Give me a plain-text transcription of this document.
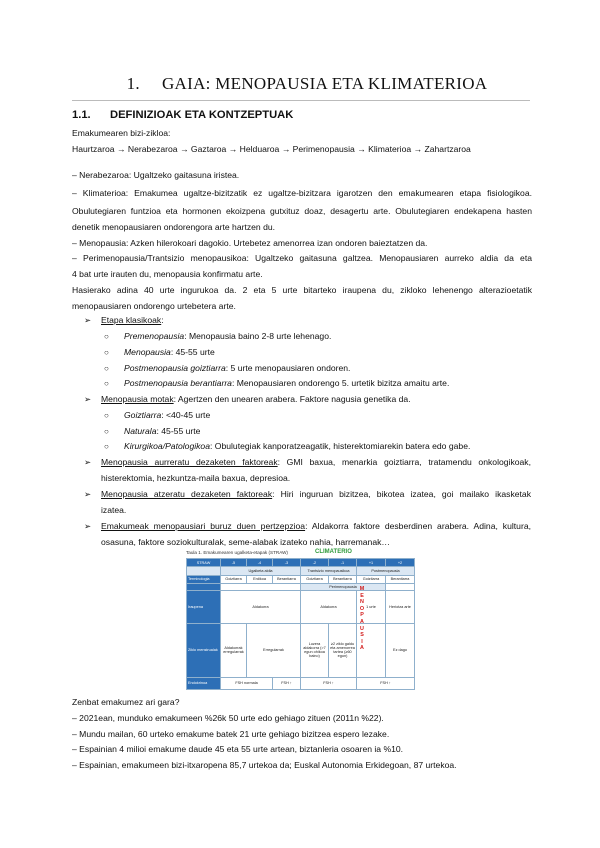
1. GAIA: MENOPAUSIA ETA KLIMATERIOA
1.1. DEFINIZIOAK ETA KONTZEPTUAK
Emakumearen bizi-zikloa:
Haurtzaroa → Nerabezaroa → Gaztaroa → Helduaroa → Perimenopausia → Klimaterioa → Zahartzaroa
– Nerabezaroa: Ugaltzeko gaitasuna iristea.
– Klimaterioa: Emakumea ugaltze-bizitzatik ez ugaltze-bizitzara igarotzen den emakumearen etapa fisiologikoa.
Obulutegiaren funtzioa eta hormonen ekoizpena gutxituz doaz, desagertu arte. Obulutegiaren endekapena hasten
denetik menopausiaren ondorengora arte hartzen du.
– Menopausia: Azken hilerokoari dagokio. Urtebetez amenorrea izan ondoren baieztatzen da.
– Perimenopausia/Trantsizio menopausikoa: Ugaltzeko gaitasuna galtzea. Menopausiaren aurreko aldia da eta
4 bat urte irauten du, menopausia konfirmatu arte.
Hasierako adina 40 urte ingurukoa da. 2 eta 5 urte bitarteko iraupena du, zikloko lehenengo alterazioetatik
menopausiaren ondorengo urtebetera arte.
➢ Etapa klasikoak:
○ Premenopausia: Menopausia baino 2-8 urte lehenago.
○ Menopausia: 45-55 urte
○ Postmenopausia goiztiarra: 5 urte menopausiaren ondoren.
○ Postmenopausia berantiarra: Menopausiaren ondorengo 5. urtetik bizitza amaitu arte.
➢ Menopausia motak: Agertzen den unearen arabera. Faktore nagusia genetika da.
○ Goiztiarra: <40-45 urte
○ Naturala: 45-55 urte
○ Kirurgikoa/Patologikoa: Obulutegiak kanporatzeagatik, histerektomiarekin batera edo gabe.
➢ Menopausia aurreratu dezaketen faktoreak: GMI baxua, menarkia goiztiarra, tratamendu onkologikoak,
histerektomia, hezkuntza-maila baxua, depresioa.
➢ Menopausia atzeratu dezaketen faktoreak: Hiri inguruan bizitzea, bikotea izatea, goi mailako ikasketak
izatea.
➢ Emakumeak menopausiari buruz duen pertzepzioa: Aldakorra faktore desberdinen arabera. Adina, kultura,
osasuna, faktore soziokulturalak, seme-alabak izateko nahia, harremanak…
Taula 1. Emakumearen ugalketa-etapak (STRAW)	CLIMATERIO
STRAW	-5	-4	-3	-2	-1	+1	+2
	Ugalketa aldia			Trantsizio menopausikoa		Postmenopausia	
Terminologia	Goiztiarra	Erdikoa	Berantiarra	Goiztiarra	Berantiarra	Goiztiarra	Berantiarra
				Perimenopausia			
Iraupena	Aldakorra			Aldakorra		1 urte	Heriotza arte
Ziklo menstrualak	Aldakorrak erregularrak	Erregularrak		Luzera aldakorra (>7 egun ohikoa baino)	≥2 ziklo galdu eta amenorrea tartea (≥60 egun)		Ez dago
Endokrinoa	FSH normala		FSH ↑	FSH ↑		FSH ↑	
M
E
N
O
P
A
U
S
I
A
Zenbat emakumez ari gara?
– 2021ean, munduko emakumeen %26k 50 urte edo gehiago zituen (2011n %22).
– Mundu mailan, 60 urteko emakume batek 21 urte gehiago bizitzea espero lezake.
– Espainian 4 milioi emakume daude 45 eta 55 urte artean, biztanleria osoaren ia %10.
– Espainian, emakumeen bizi-itxaropena 85,7 urtekoa da; Euskal Autonomia Erkidegoan, 87 urtekoa.
